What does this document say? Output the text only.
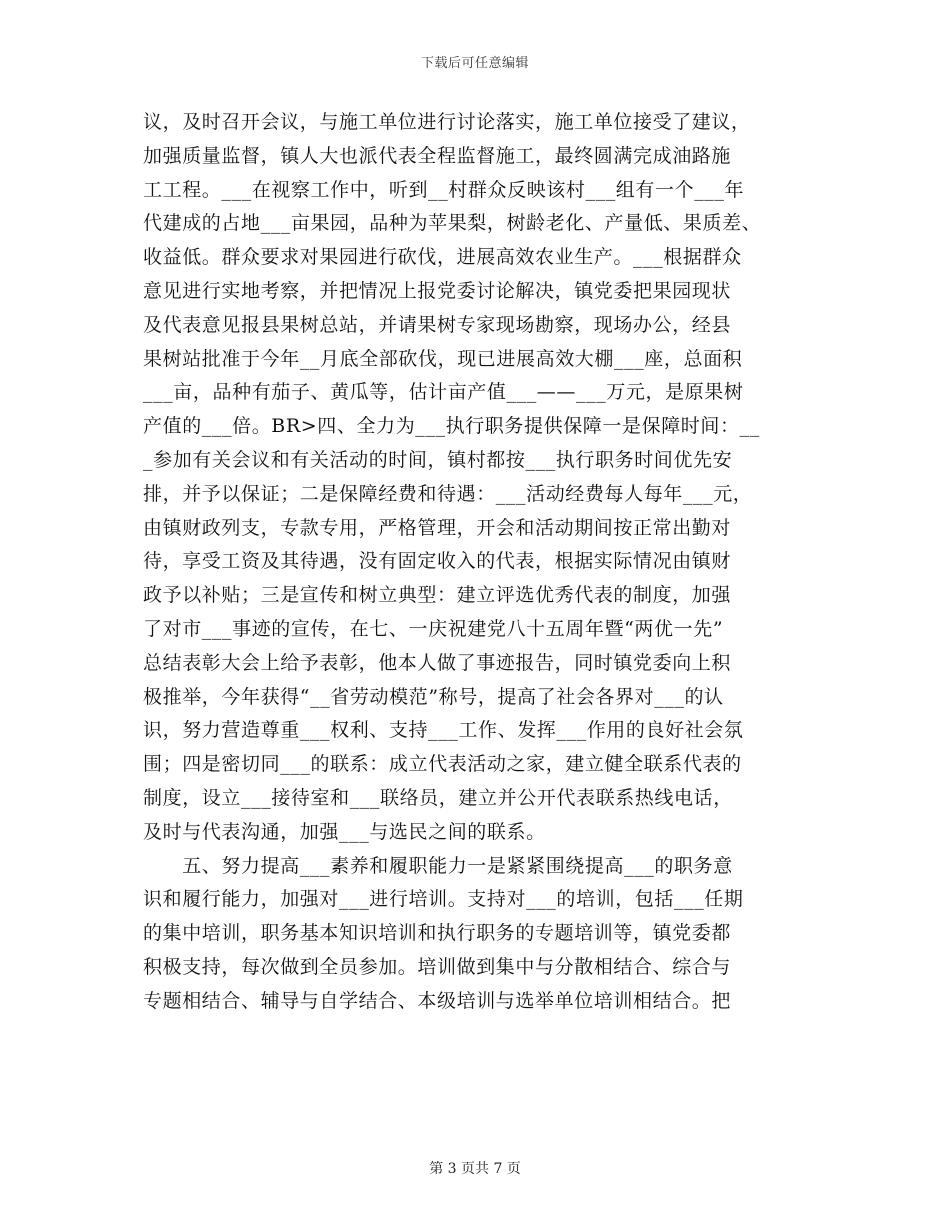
下载后可任意编辑
议，及时召开会议，与施工单位进行讨论落实，施工单位接受了建议，
加强质量监督，镇人大也派代表全程监督施工，最终圆满完成油路施
工工程。___在视察工作中，听到__村群众反映该村___组有一个___年
代建成的占地___亩果园，品种为苹果梨，树龄老化、产量低、果质差、
收益低。群众要求对果园进行砍伐，进展高效农业生产。___根据群众
意见进行实地考察，并把情况上报党委讨论解决，镇党委把果园现状
及代表意见报县果树总站，并请果树专家现场勘察，现场办公，经县
果树站批准于今年__月底全部砍伐，现已进展高效大棚___座，总面积
___亩，品种有茄子、黄瓜等，估计亩产值___——___万元，是原果树
产值的___倍。BR>四、全力为___执行职务提供保障一是保障时间：__
_参加有关会议和有关活动的时间，镇村都按___执行职务时间优先安
排，并予以保证；二是保障经费和待遇：___活动经费每人每年___元，
由镇财政列支，专款专用，严格管理，开会和活动期间按正常出勤对
待，享受工资及其待遇，没有固定收入的代表，根据实际情况由镇财
政予以补贴；三是宣传和树立典型：建立评选优秀代表的制度，加强
了对市___事迹的宣传，在七、一庆祝建党八十五周年暨“两优一先”
总结表彰大会上给予表彰，他本人做了事迹报告，同时镇党委向上积
极推举，今年获得“__省劳动模范”称号，提高了社会各界对___的认
识，努力营造尊重___权利、支持___工作、发挥___作用的良好社会氛
围；四是密切同___的联系：成立代表活动之家，建立健全联系代表的
制度，设立___接待室和___联络员，建立并公开代表联系热线电话，
及时与代表沟通，加强___与选民之间的联系。
　　五、努力提高___素养和履职能力一是紧紧围绕提高___的职务意
识和履行能力，加强对___进行培训。支持对___的培训，包括___任期
的集中培训，职务基本知识培训和执行职务的专题培训等，镇党委都
积极支持，每次做到全员参加。培训做到集中与分散相结合、综合与
专题相结合、辅导与自学结合、本级培训与选举单位培训相结合。把
第 3 页共 7 页
